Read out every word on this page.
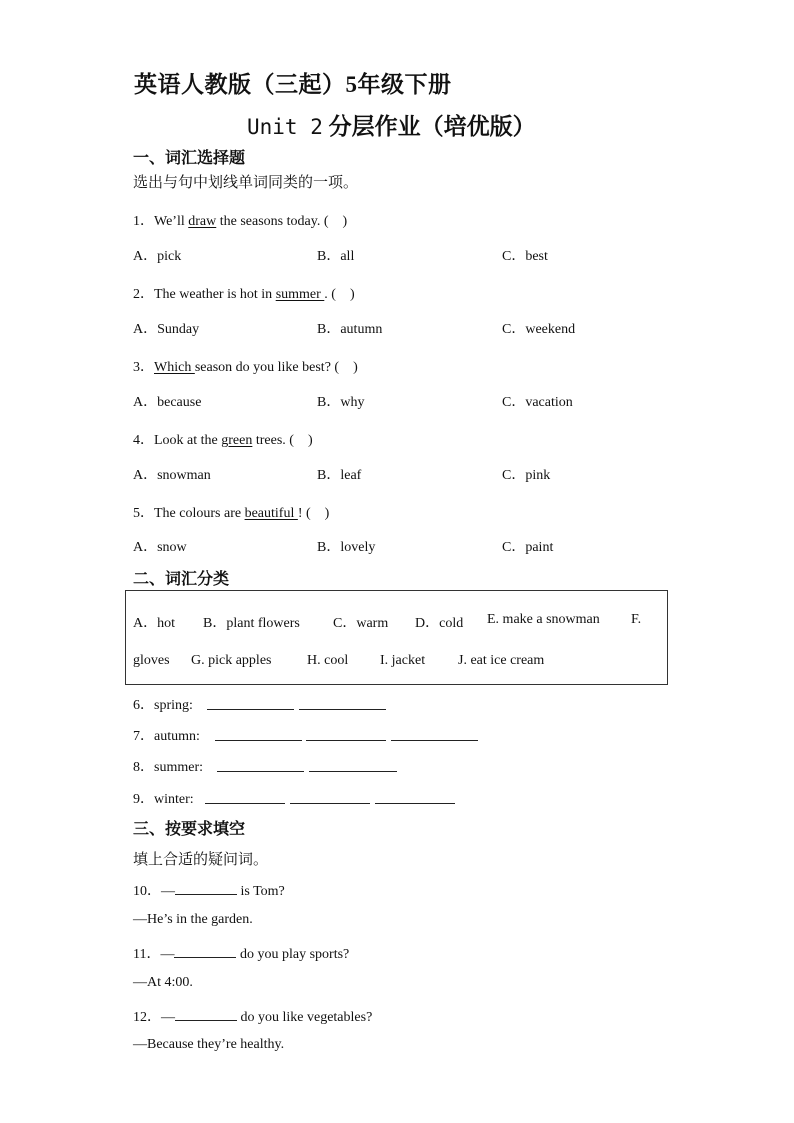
英语人教版（三起）5年级下册
Unit 2 分层作业（培优版）
一、词汇选择题
选出与句中划线单词同类的一项。
1．We’ll draw the seasons today. (　)
A．pick	B．all	C．best
2．The weather is hot in summer . (　)
A．Sunday	B．autumn	C．weekend
3．Which season do you like best? (　)
A．because	B．why	C．vacation
4．Look at the green trees. (　)
A．snowman	B．leaf	C．pink
5．The colours are beautiful ! (　)
A．snow	B．lovely	C．paint
二、词汇分类
A．hot B．plant flowers C．warm D．cold E. make a snowman F.
gloves G. pick apples	H. cool I. jacket J. eat ice cream
6．spring:
7．autumn:
8．summer:
9．winter:
三、按要求填空
填上合适的疑问词。
10．—	is Tom?
—He’s in the garden.
11．—	do you play sports?
—At 4:00.
12．—	do you like vegetables?
—Because they’re healthy.
